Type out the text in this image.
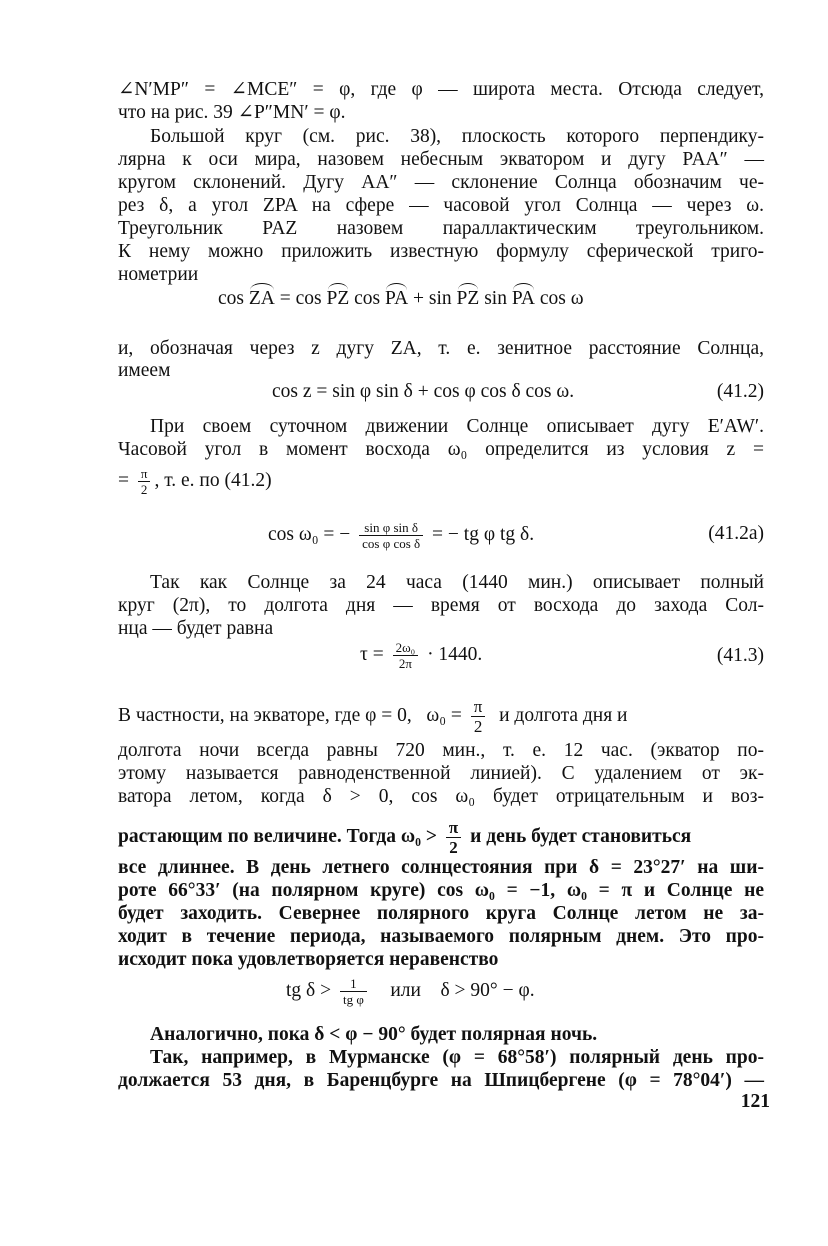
∠N′MP″ = ∠MCE″ = φ, где φ — широта места. Отсюда следует,
что на рис. 39 ∠P″MN′ = φ.
Большой круг (см. рис. 38), плоскость которого перпендику-
лярна к оси мира, назовем небесным экватором и дугу PAA″ —
кругом склонений. Дугу AA″ — склонение Солнца обозначим че-
рез δ, а угол ZPA на сфере — часовой угол Солнца — через ω.
Треугольник PAZ назовем параллактическим треугольником.
К нему можно приложить известную формулу сферической триго-
нометрии
cos ZA = cos PZ cos PA + sin PZ sin PA cos ω
и, обозначая через z дугу ZA, т. е. зенитное расстояние Солнца,
имеем
cos z = sin φ sin δ + cos φ cos δ cos ω.	(41.2)
При своем суточном движении Солнце описывает дугу E′AW′.
Часовой угол в момент восхода ω₀ определится из условия z =
= $\frac{\pi}{2}$ , т. е. по (41.2)
cos ω₀ = − $\frac{\text{sin φ sin δ}}{\text{cos φ cos δ}}$ = − tg φ tg δ.	(41.2a)
Так как Солнце за 24 часа (1440 мин.) описывает полный
круг (2π), то долгота дня — время от восхода до захода Сол-
нца — будет равна
$\tau = \frac{\text{2ω₀}}{2\pi} \cdot 1440$.	(41.3)
В частности, на экваторе, где φ = 0, $\omega_0 = \frac{\pi}{2}$ и долгота дня и
долгота ночи всегда равны 720 мин., т. е. 12 час. (экватор по-
этому называется равноденственной линией). С удалением от эк-
ватора летом, когда δ > 0, cos ω₀ будет отрицательным и воз-
растающим по величине. Тогда $\omega_0 > \frac{\pi}{2}$ и день будет становиться
все длиннее. В день летнего солнцестояния при δ = 23°27′ на ши-
роте 66°33′ (на полярном круге) cos ω₀ = −1, ω₀ = π и Солнце не
будет заходить. Севернее полярного круга Солнце летом не за-
ходит в течение периода, называемого полярным днем. Это про-
исходит пока удовлетворяется неравенство
tg $\delta > \frac{1}{\text{tg φ}}$ или δ > 90° − φ.
Аналогично, пока δ < φ − 90° будет полярная ночь.
Так, например, в Мурманске (φ = 68°58′) полярный день про-
должается 53 дня, в Баренцбурге на Шпицбергене (φ = 78°04′) —
121
